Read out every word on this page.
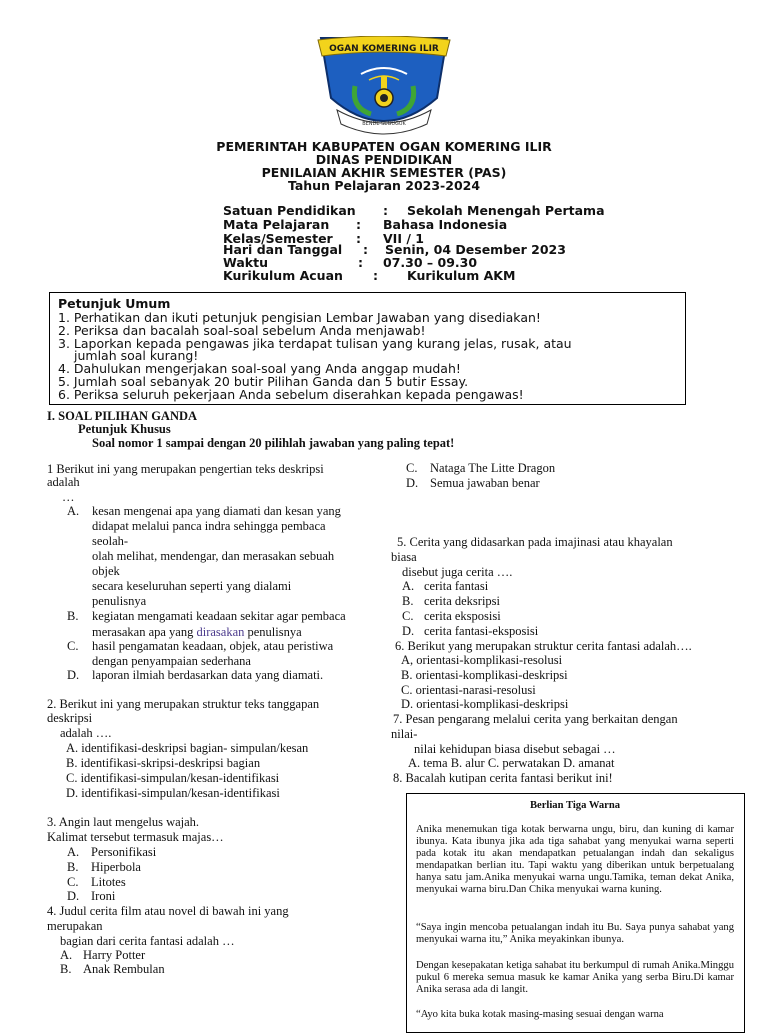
OGAN KOMERING ILIR
BENDE SEGUGUK
PEMERINTAH KABUPATEN OGAN KOMERING ILIR
DINAS PENDIDIKAN
PENILAIAN AKHIR SEMESTER (PAS)
Tahun Pelajaran 2023-2024
Satuan Pendidikan : Sekolah Menengah Pertama
Mata Pelajaran : Bahasa Indonesia
Kelas/Semester : VII / 1
Hari dan Tanggal : Senin, 04 Desember 2023
Waktu	: 07.30 – 09.30
Kurikulum Acuan : Kurikulum AKM
Petunjuk Umum
1. Perhatikan dan ikuti petunjuk pengisian Lembar Jawaban yang disediakan!
2. Periksa dan bacalah soal-soal sebelum Anda menjawab!
3. Laporkan kepada pengawas jika terdapat tulisan yang kurang jelas, rusak, atau
jumlah soal kurang!
4. Dahulukan mengerjakan soal-soal yang Anda anggap mudah!
5. Jumlah soal sebanyak 20 butir Pilihan Ganda dan 5 butir Essay.
6. Periksa seluruh pekerjaan Anda sebelum diserahkan kepada pengawas!
I. SOAL PILIHAN GANDA
Petunjuk Khusus
Soal nomor 1 sampai dengan 20 pilihlah jawaban yang paling tepat!
1 Berikut ini yang merupakan pengertian teks deskripsi
adalah
…
A. kesan mengenai apa yang diamati dan kesan yang
didapat melalui panca indra sehingga pembaca
seolah-
olah melihat, mendengar, dan merasakan sebuah
objek
secara keseluruhan seperti yang dialami
penulisnya
B. kegiatan mengamati keadaan sekitar agar pembaca
merasakan apa yang dirasakan penulisnya
C. hasil pengamatan keadaan, objek, atau peristiwa
dengan penyampaian sederhana
D. laporan ilmiah berdasarkan data yang diamati.
2. Berikut ini yang merupakan struktur teks tanggapan
deskripsi
adalah ….
A. identifikasi-deskripsi bagian- simpulan/kesan
B. identifikasi-skripsi-deskripsi bagian
C. identifikasi-simpulan/kesan-identifikasi
D. identifikasi-simpulan/kesan-identifikasi
3. Angin laut mengelus wajah.
Kalimat tersebut termasuk majas…
A. Personifikasi
B. Hiperbola
C. Litotes
D. Ironi
4. Judul cerita film atau novel di bawah ini yang
merupakan
bagian dari cerita fantasi adalah …
A. Harry Potter
B. Anak Rembulan
C. Nataga The Litte Dragon
D. Semua jawaban benar
5. Cerita yang didasarkan pada imajinasi atau khayalan
biasa
disebut juga cerita ….
A. cerita fantasi
B. cerita deksripsi
C. cerita eksposisi
D. cerita fantasi-eksposisi
6. Berikut yang merupakan struktur cerita fantasi adalah….
A, orientasi-komplikasi-resolusi
B. orientasi-komplikasi-deskripsi
C. orientasi-narasi-resolusi
D. orientasi-komplikasi-deskripsi
7. Pesan pengarang melalui cerita yang berkaitan dengan
nilai-
nilai kehidupan biasa disebut sebagai …
A. tema B. alur C. perwatakan D. amanat
8. Bacalah kutipan cerita fantasi berikut ini!
Berlian Tiga Warna
Anika menemukan tiga kotak berwarna ungu, biru, dan kuning di kamar ibunya. Kata ibunya jika ada tiga sahabat yang menyukai warna seperti pada kotak itu akan mendapatkan petualangan indah dan sekaligus mendapatkan berlian itu. Tapi waktu yang diberikan untuk berpetualang hanya satu jam.Anika menyukai warna ungu.Tamika, teman dekat Anika, menyukai warna biru.Dan Chika menyukai warna kuning.
“Saya ingin mencoba petualangan indah itu Bu. Saya punya sahabat yang menyukai warna itu,” Anika meyakinkan ibunya.
Dengan kesepakatan ketiga sahabat itu berkumpul di rumah Anika.Minggu pukul 6 mereka semua masuk ke kamar Anika yang serba Biru.Di kamar Anika serasa ada di langit.
“Ayo kita buka kotak masing-masing sesuai dengan warna
